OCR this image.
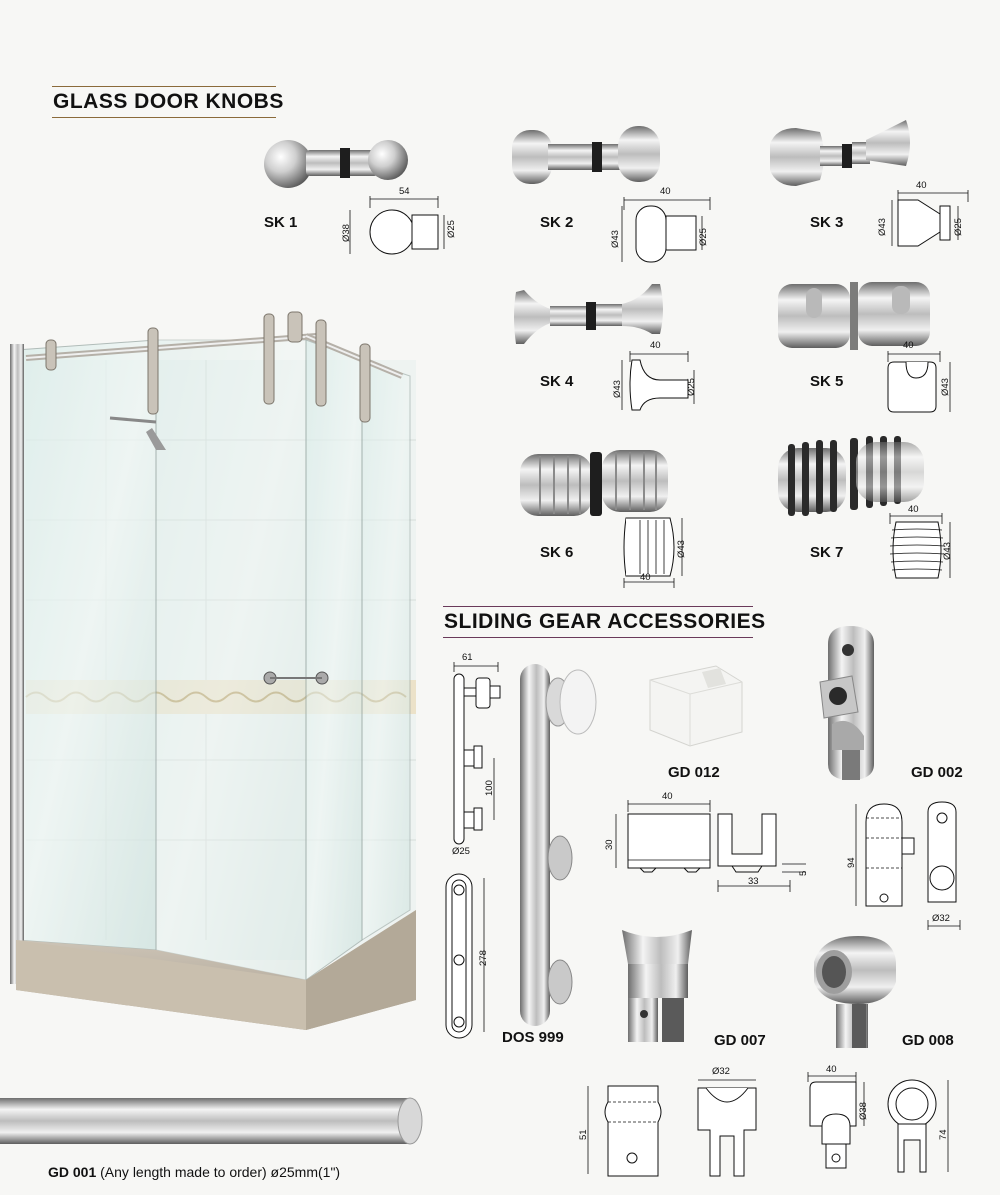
GLASS DOOR KNOBS
SLIDING GEAR ACCESSORIES
SK 1
54
Ø38	Ø25	SK 2
40
Ø43	Ø25
SK 3
40
Ø43	Ø25
SK 4
40
Ø43	Ø25	SK 5
40
Ø43
SK 6	Ø43
40
SK 7
40
Ø43
61
100
Ø25
278
DOS 999
GD 012
40
30
33
5
GD 002
94
Ø32
GD 007
Ø32
51
GD 008
40
Ø38
74
GD 001 (Any length made to order) ø25mm(1")
